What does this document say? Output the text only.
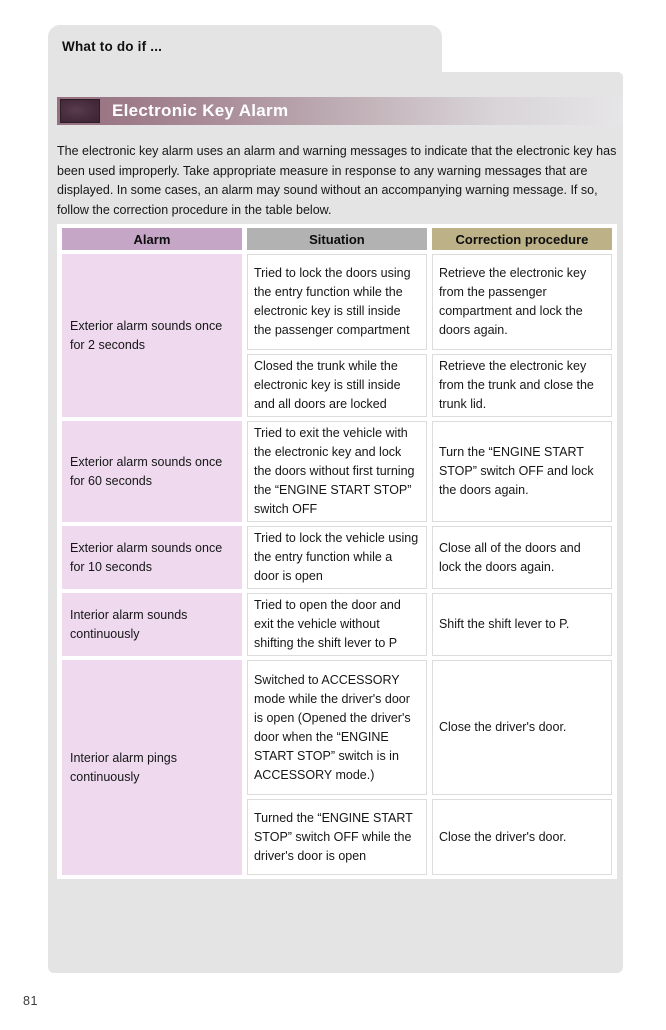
What to do if ...
Electronic Key Alarm
The electronic key alarm uses an alarm and warning messages to indicate that the electronic key has been used improperly. Take appropriate measure in response to any warning messages that are displayed. In some cases, an alarm may sound without an accompanying warning message. If so, follow the correction procedure in the table below.
Alarm	Situation	Correction procedure
Exterior alarm sounds once for 2 seconds	Tried to lock the doors using the entry function while the electronic key is still inside the passenger compartment	Retrieve the electronic key from the passenger compartment and lock the doors again.
	Closed the trunk while the electronic key is still inside and all doors are locked	Retrieve the electronic key from the trunk and close the trunk lid.
Exterior alarm sounds once for 60 seconds	Tried to exit the vehicle with the electronic key and lock the doors without first turning the “ENGINE START STOP” switch OFF	Turn the “ENGINE START STOP” switch OFF and lock the doors again.
Exterior alarm sounds once for 10 seconds	Tried to lock the vehicle using the entry function while a door is open	Close all of the doors and lock the doors again.
Interior alarm sounds continuously	Tried to open the door and exit the vehicle without shifting the shift lever to P	Shift the shift lever to P.
Interior alarm pings continuously	Switched to ACCESSORY mode while the driver's door is open (Opened the driver's door when the “ENGINE START STOP” switch is in ACCESSORY mode.)	Close the driver's door.
	Turned the “ENGINE START STOP” switch OFF while the driver's door is open	Close the driver's door.
81
